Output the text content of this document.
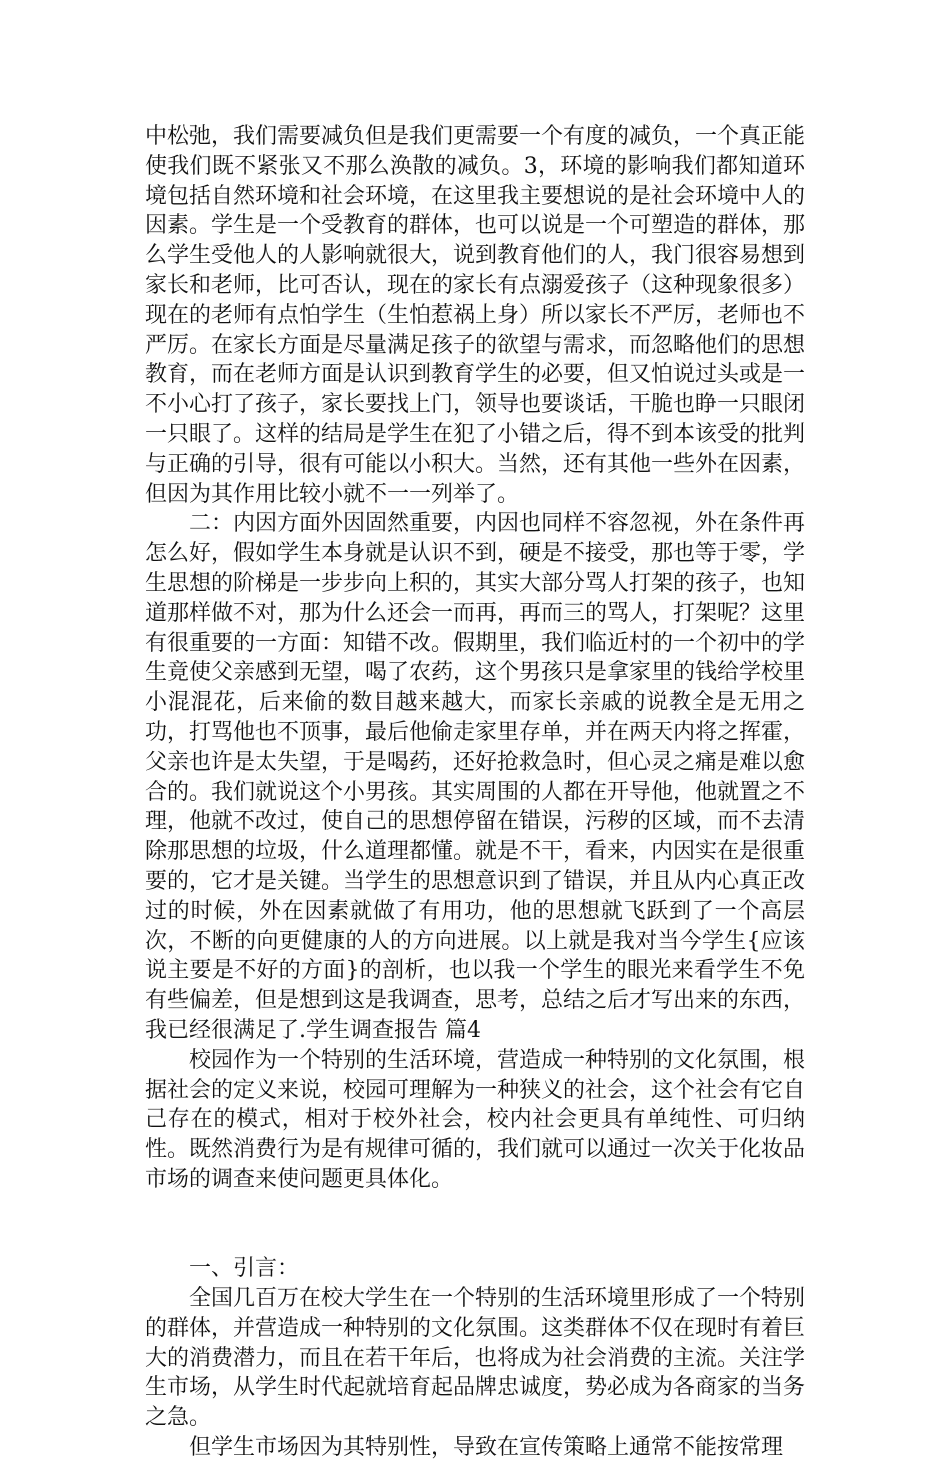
中松弛，我们需要减负但是我们更需要一个有度的减负，一个真正能使我们既不紧张又不那么涣散的减负。3，环境的影响我们都知道环境包括自然环境和社会环境，在这里我主要想说的是社会环境中人的因素。学生是一个受教育的群体，也可以说是一个可塑造的群体，那么学生受他人的人影响就很大，说到教育他们的人，我门很容易想到家长和老师，比可否认，现在的家长有点溺爱孩子（这种现象很多）现在的老师有点怕学生（生怕惹祸上身）所以家长不严厉，老师也不严厉。在家长方面是尽量满足孩子的欲望与需求，而忽略他们的思想教育，而在老师方面是认识到教育学生的必要，但又怕说过头或是一不小心打了孩子，家长要找上门，领导也要谈话，干脆也睁一只眼闭一只眼了。这样的结局是学生在犯了小错之后，得不到本该受的批判与正确的引导，很有可能以小积大。当然，还有其他一些外在因素，但因为其作用比较小就不一一列举了。

二：内因方面外因固然重要，内因也同样不容忽视，外在条件再怎么好，假如学生本身就是认识不到，硬是不接受，那也等于零，学生思想的阶梯是一步步向上积的，其实大部分骂人打架的孩子，也知道那样做不对，那为什么还会一而再，再而三的骂人，打架呢？这里有很重要的一方面：知错不改。假期里，我们临近村的一个初中的学生竟使父亲感到无望，喝了农药，这个男孩只是拿家里的钱给学校里小混混花，后来偷的数目越来越大，而家长亲戚的说教全是无用之功，打骂他也不顶事，最后他偷走家里存单，并在两天内将之挥霍，父亲也许是太失望，于是喝药，还好抢救急时，但心灵之痛是难以愈合的。我们就说这个小男孩。其实周围的人都在开导他，他就置之不理，他就不改过，使自己的思想停留在错误，污秽的区域，而不去清除那思想的垃圾，什么道理都懂。就是不干，看来，内因实在是很重要的，它才是关键。当学生的思想意识到了错误，并且从内心真正改过的时候，外在因素就做了有用功，他的思想就飞跃到了一个高层次，不断的向更健康的人的方向进展。以上就是我对当今学生{应该说主要是不好的方面}的剖析，也以我一个学生的眼光来看学生不免有些偏差，但是想到这是我调查，思考，总结之后才写出来的东西，我已经很满足了.学生调查报告 篇4

校园作为一个特别的生活环境，营造成一种特别的文化氛围，根据社会的定义来说，校园可理解为一种狭义的社会，这个社会有它自己存在的模式，相对于校外社会，校内社会更具有单纯性、可归纳性。既然消费行为是有规律可循的，我们就可以通过一次关于化妆品市场的调查来使问题更具体化。

一、引言：

全国几百万在校大学生在一个特别的生活环境里形成了一个特别的群体，并营造成一种特别的文化氛围。这类群体不仅在现时有着巨大的消费潜力，而且在若干年后，也将成为社会消费的主流。关注学生市场，从学生时代起就培育起品牌忠诚度，势必成为各商家的当务之急。

但学生市场因为其特别性，导致在宣传策略上通常不能按常理
